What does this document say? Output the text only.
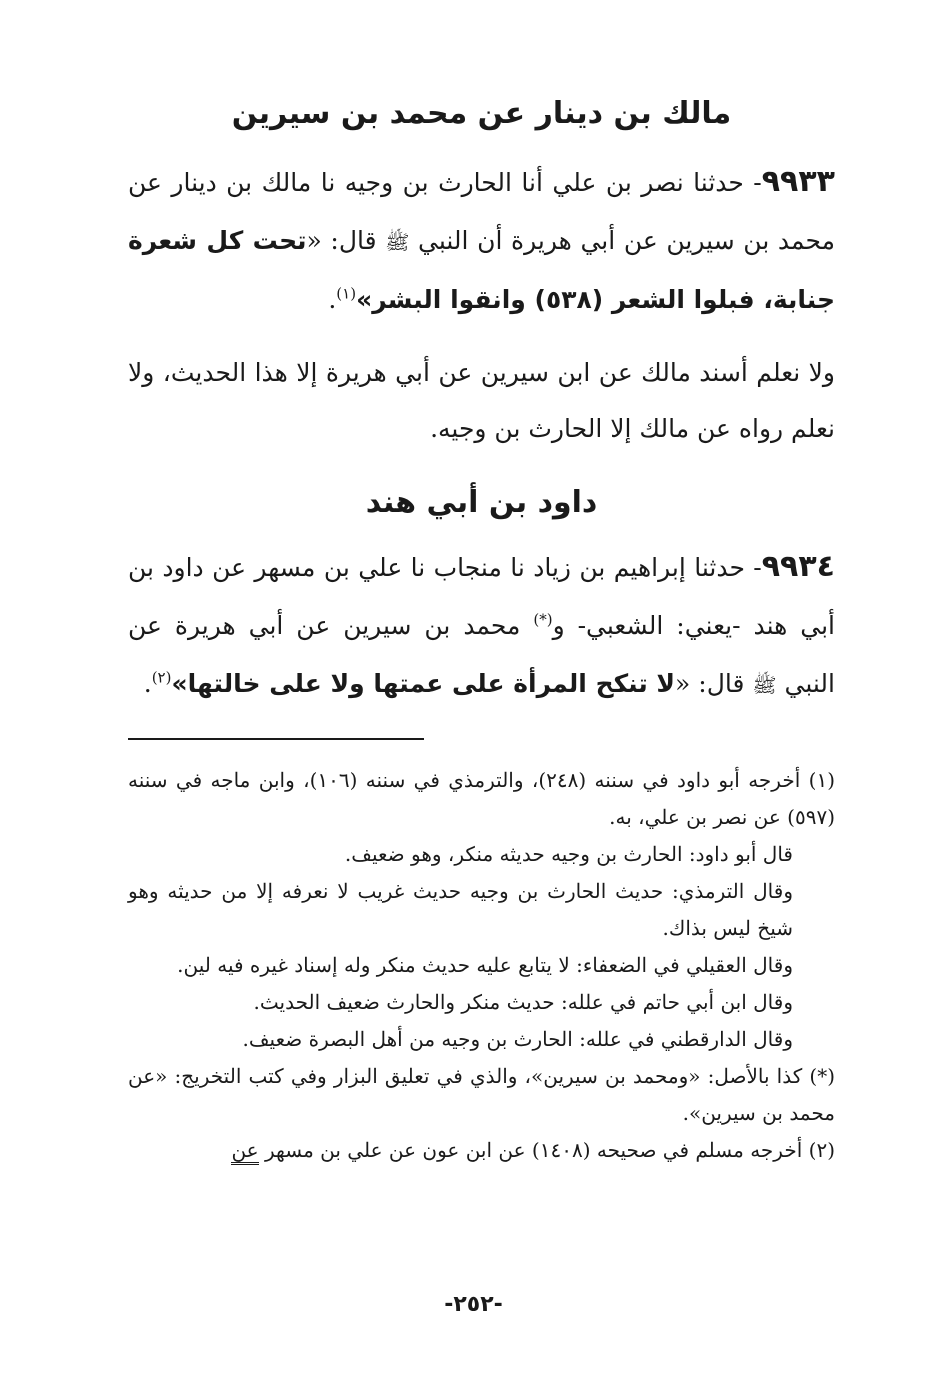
مالك بن دينار عن محمد بن سيرين

٩٩٣٣- حدثنا نصر بن علي أنا الحارث بن وجيه نا مالك بن دينار عن محمد بن سيرين عن أبي هريرة أن النبي ﷺ قال: «تحت كل شعرة جنابة، فبلوا الشعر (٥٣٨) وانقوا البشر»$^{(١)}$.

ولا نعلم أسند مالك عن ابن سيرين عن أبي هريرة إلا هذا الحديث، ولا نعلم رواه عن مالك إلا الحارث بن وجيه.

داود بن أبي هند

٩٩٣٤- حدثنا إبراهيم بن زياد نا منجاب نا علي بن مسهر عن داود بن أبي هند -يعني: الشعبي- و(*) محمد بن سيرين عن أبي هريرة عن النبي ﷺ قال: «لا تنكح المرأة على عمتها ولا على خالتها»$^{(٢)}$.

(١) أخرجه أبو داود في سننه (٢٤٨)، والترمذي في سننه (١٠٦)، وابن ماجه في سننه (٥٩٧) عن نصر بن علي، به.

قال أبو داود: الحارث بن وجيه حديثه منكر، وهو ضعيف.

وقال الترمذي: حديث الحارث بن وجيه حديث غريب لا نعرفه إلا من حديثه وهو شيخ ليس بذاك.

وقال العقيلي في الضعفاء: لا يتابع عليه حديث منكر وله إسناد غيره فيه لين.

وقال ابن أبي حاتم في علله: حديث منكر والحارث ضعيف الحديث.

وقال الدارقطني في علله: الحارث بن وجيه من أهل البصرة ضعيف.

(*) كذا بالأصل: «ومحمد بن سيرين»، والذي في تعليق البزار وفي كتب التخريج: «عن محمد بن سيرين».

(٢) أخرجه مسلم في صحيحه (١٤٠٨) عن ابن عون عن علي بن مسهر عن

-٢٥٢-
